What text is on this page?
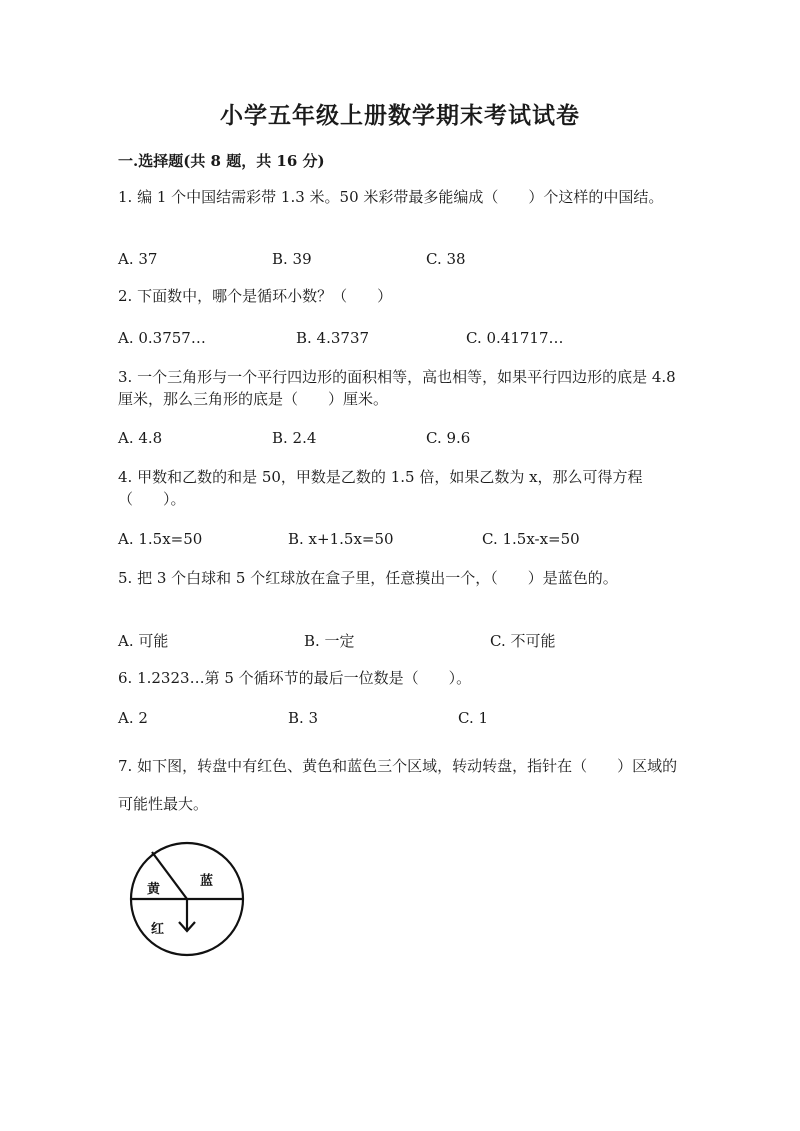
小学五年级上册数学期末考试试卷
一.选择题(共 8 题，共 16 分)
1. 编 1 个中国结需彩带 1.3 米。50 米彩带最多能编成（　　）个这样的中国结。
A. 37	B. 39	C. 38
2. 下面数中，哪个是循环小数？（　　）
A. 0.3757…	B. 4.3737	C. 0.41717…
3. 一个三角形与一个平行四边形的面积相等，高也相等，如果平行四边形的底是 4.8 厘米，那么三角形的底是（　　）厘米。
A. 4.8	B. 2.4	C. 9.6
4. 甲数和乙数的和是 50，甲数是乙数的 1.5 倍，如果乙数为 x，那么可得方程（　　）。
A. 1.5x=50	B. x+1.5x=50	C. 1.5x-x=50
5. 把 3 个白球和 5 个红球放在盒子里，任意摸出一个，（　　）是蓝色的。
A. 可能	B. 一定	C. 不可能
6. 1.2323…第 5 个循环节的最后一位数是（　　）。
A. 2	B. 3	C. 1
7. 如下图，转盘中有红色、黄色和蓝色三个区域，转动转盘，指针在（　　）区域的可能性最大。
黄
蓝
红
